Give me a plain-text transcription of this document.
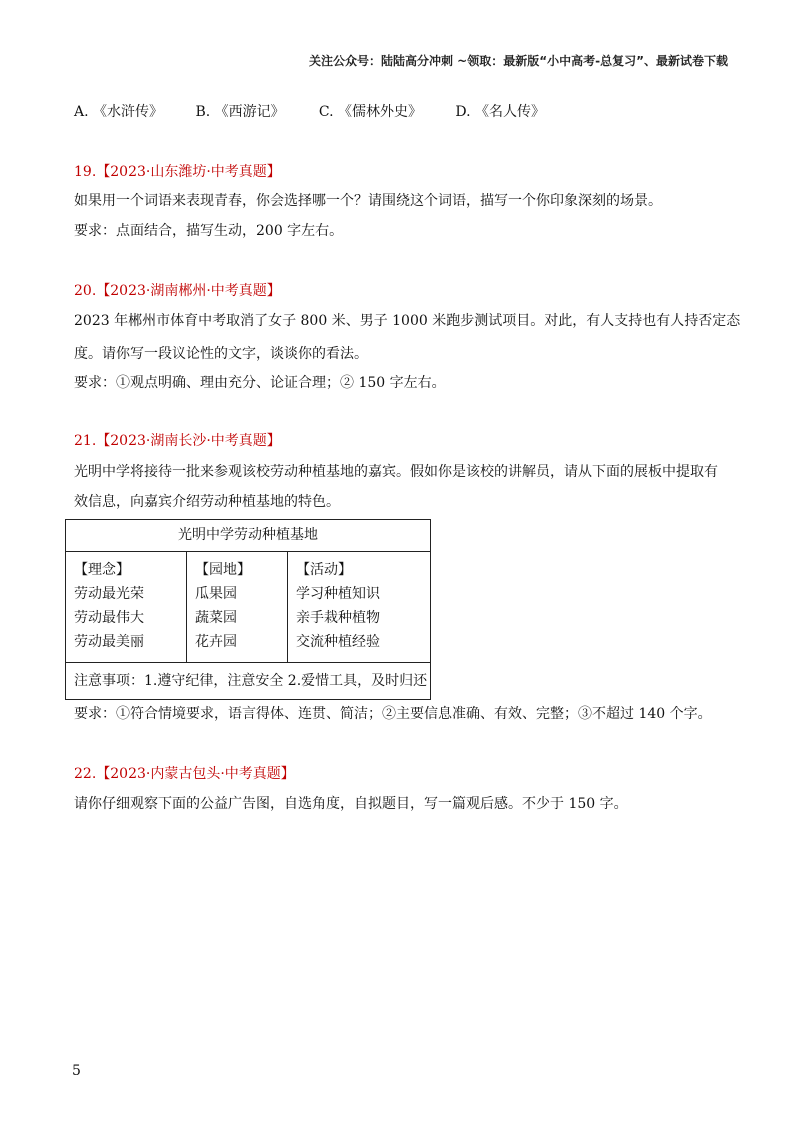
关注公众号：陆陆高分冲刺 ~领取：最新版“小中高考-总复习”、最新试卷下载
A. 《水浒传》 B. 《西游记》 C. 《儒林外史》 D. 《名人传》
19.【2023·山东潍坊·中考真题】
如果用一个词语来表现青春，你会选择哪一个？请围绕这个词语，描写一个你印象深刻的场景。
要求：点面结合，描写生动，200 字左右。
20.【2023·湖南郴州·中考真题】
2023 年郴州市体育中考取消了女子 800 米、男子 1000 米跑步测试项目。对此，有人支持也有人持否定态
度。请你写一段议论性的文字，谈谈你的看法。
要求：①观点明确、理由充分、论证合理；② 150 字左右。
21.【2023·湖南长沙·中考真题】
光明中学将接待一批来参观该校劳动种植基地的嘉宾。假如你是该校的讲解员，请从下面的展板中提取有
效信息，向嘉宾介绍劳动种植基地的特色。
光明中学劳动种植基地

【理念】
劳动最光荣
劳动最伟大
劳动最美丽

【园地】
瓜果园
蔬菜园
花卉园

【活动】
学习种植知识
亲手栽种植物
交流种植经验

注意事项：1.遵守纪律，注意安全 2.爱惜工具，及时归还
要求：①符合情境要求，语言得体、连贯、简洁；②主要信息准确、有效、完整；③不超过 140 个字。
22.【2023·内蒙古包头·中考真题】
请你仔细观察下面的公益广告图，自选角度，自拟题目，写一篇观后感。不少于 150 字。
5
